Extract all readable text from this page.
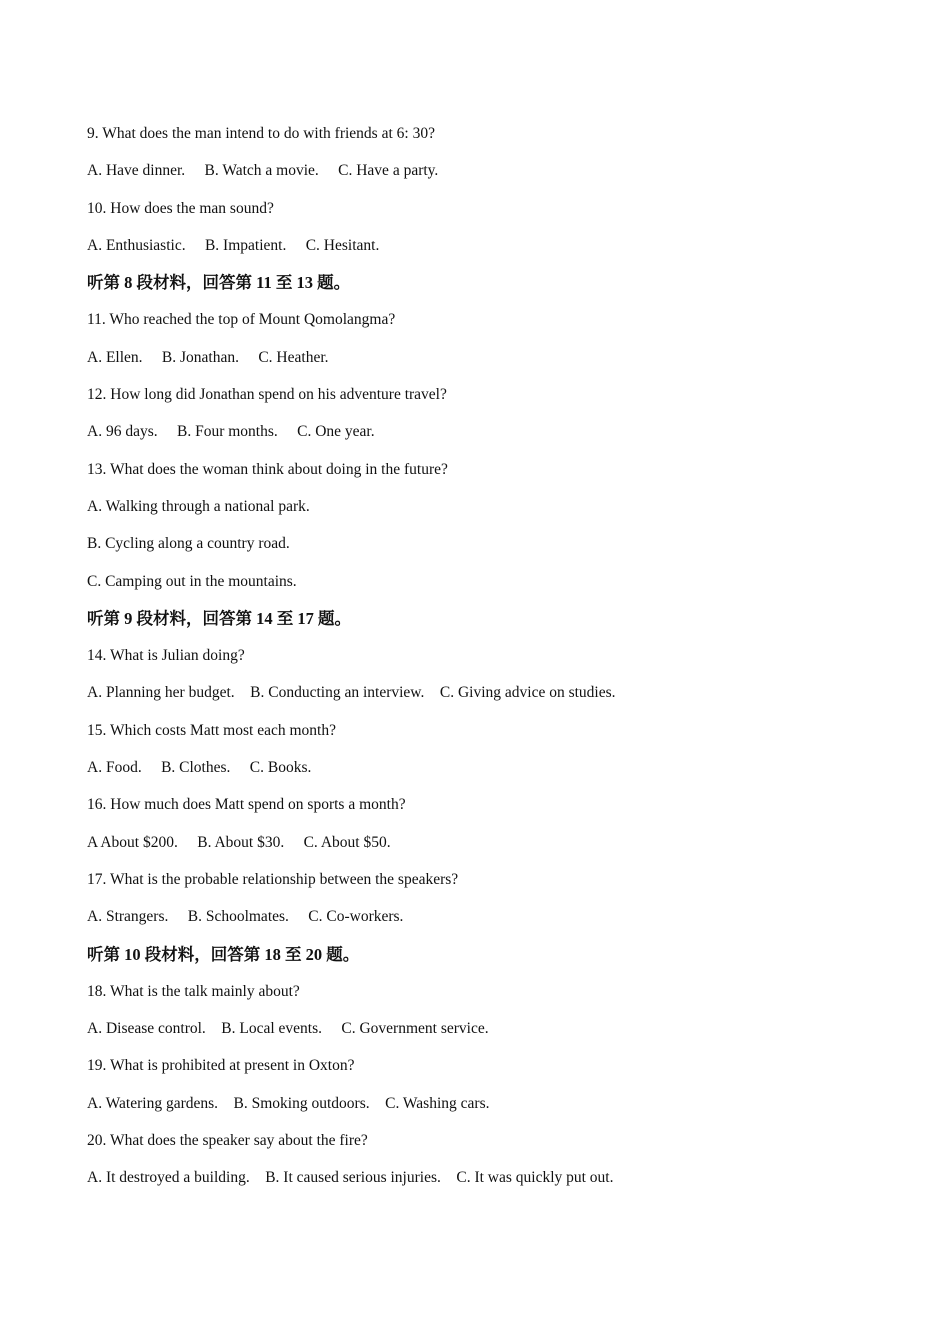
9. What does the man intend to do with friends at 6: 30?
A. Have dinner.     B. Watch a movie.     C. Have a party.
10. How does the man sound?
A. Enthusiastic.     B. Impatient.     C. Hesitant.
听第 8 段材料，回答第 11 至 13 题。
11. Who reached the top of Mount Qomolangma?
A. Ellen.     B. Jonathan.     C. Heather.
12. How long did Jonathan spend on his adventure travel?
A. 96 days.     B. Four months.     C. One year.
13. What does the woman think about doing in the future?
A. Walking through a national park.
B. Cycling along a country road.
C. Camping out in the mountains.
听第 9 段材料，回答第 14 至 17 题。
14. What is Julian doing?
A. Planning her budget.    B. Conducting an interview.    C. Giving advice on studies.
15. Which costs Matt most each month?
A. Food.     B. Clothes.     C. Books.
16. How much does Matt spend on sports a month?
A About $200.     B. About $30.     C. About $50.
17. What is the probable relationship between the speakers?
A. Strangers.     B. Schoolmates.     C. Co-workers.
听第 10 段材料，回答第 18 至 20 题。
18. What is the talk mainly about?
A. Disease control.    B. Local events.     C. Government service.
19. What is prohibited at present in Oxton?
A. Watering gardens.    B. Smoking outdoors.    C. Washing cars.
20. What does the speaker say about the fire?
A. It destroyed a building.    B. It caused serious injuries.    C. It was quickly put out.
